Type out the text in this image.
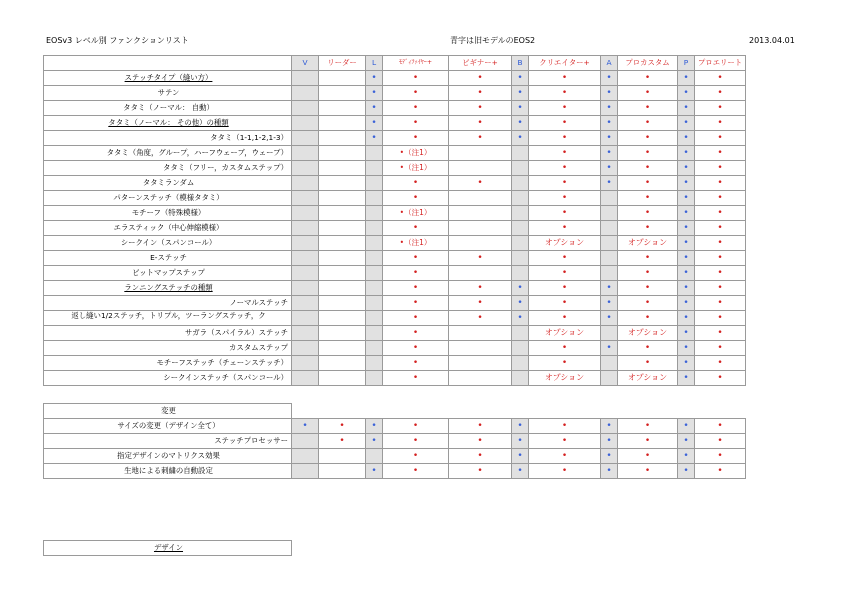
EOSv3 レベル別 ファンクションリスト	青字は旧モデルのEOS2	2013.04.01
	V	リーダー	L	ﾓﾃﾞｨﾌｧｲﾔｰ+	ビギナー+	B	クリエイター+	A	プロカスタム	P	プロエリート
ステッチタイプ（縫い方）			•	•	•	•	•	•	•	•	•
サテン			•	•	•	•	•	•	•	•	•
タタミ（ノーマル： 自動）			•	•	•	•	•	•	•	•	•
タタミ（ノーマル： その他）の種類			•	•	•	•	•	•	•	•	•
タタミ（1-1,1-2,1-3）			•	•	•	•	•	•	•	•	•
タタミ（角度，グループ，ハーフウェーブ，ウェーブ）				•（注1）			•	•	•	•	•
タタミ（フリー，カスタムステップ）				•（注1）			•	•	•	•	•
タタミランダム				•	•		•	•	•	•	•
パターンステッチ（模様タタミ）				•			•		•	•	•
モチーフ（特殊模様）				•（注1）			•		•	•	•
エラスティック（中心伸縮模様）				•			•		•	•	•
シークイン（スパンコール）				•（注1）			オプション		オプション	•	•
E-ステッチ				•	•		•		•	•	•
ビットマップステップ				•			•		•	•	•
ランニングステッチの種類				•	•	•	•	•	•	•	•
ノーマルステッチ				•	•	•	•	•	•	•	•
返し縫い1/2ステッチ，トリプル，ツーラングステッチ，ク				•	•	•	•	•	•	•	•
サガラ（スパイラル）ステッチ				•			オプション		オプション	•	•
カスタムステップ				•			•	•	•	•	•
モチーフステッチ（チェーンステッチ）				•			•		•	•	•
シークインステッチ（スパンコール）				•			オプション		オプション	•	•
変更											
サイズの変更（デザイン全て）	•	•	•	•	•	•	•	•	•	•	•
ステッチプロセッサー		•	•	•	•	•	•	•	•	•	•
指定デザインのマトリクス効果				•	•	•	•	•	•	•	•
生地による刺繍の自動設定			•	•	•	•	•	•	•	•	•
デザイン
